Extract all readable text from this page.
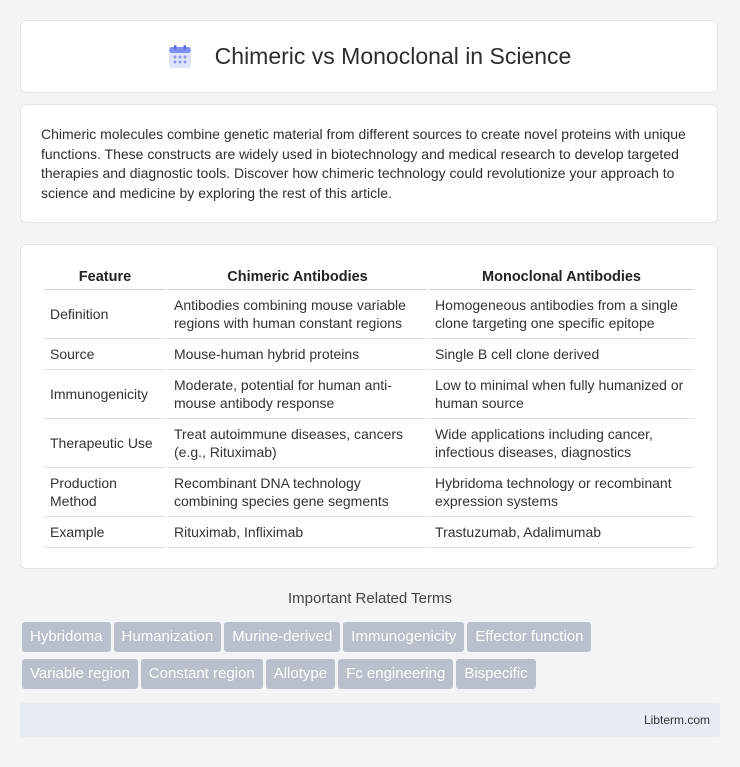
Chimeric vs Monoclonal in Science

Chimeric molecules combine genetic material from different sources to create novel proteins with unique functions. These constructs are widely used in biotechnology and medical research to develop targeted therapies and diagnostic tools. Discover how chimeric technology could revolutionize your approach to science and medicine by exploring the rest of this article.

Feature	Chimeric Antibodies	Monoclonal Antibodies
Definition	Antibodies combining mouse variable regions with human constant regions	Homogeneous antibodies from a single clone targeting one specific epitope
Source	Mouse-human hybrid proteins	Single B cell clone derived
Immunogenicity	Moderate, potential for human anti-mouse antibody response	Low to minimal when fully humanized or human source
Therapeutic Use	Treat autoimmune diseases, cancers (e.g., Rituximab)	Wide applications including cancer, infectious diseases, diagnostics
Production Method	Recombinant DNA technology combining species gene segments	Hybridoma technology or recombinant expression systems
Example	Rituximab, Infliximab	Trastuzumab, Adalimumab
Important Related Terms
Hybridoma Humanization Murine-derived Immunogenicity Effector function
Variable region Constant region Allotype Fc engineering Bispecific
Libterm.com
